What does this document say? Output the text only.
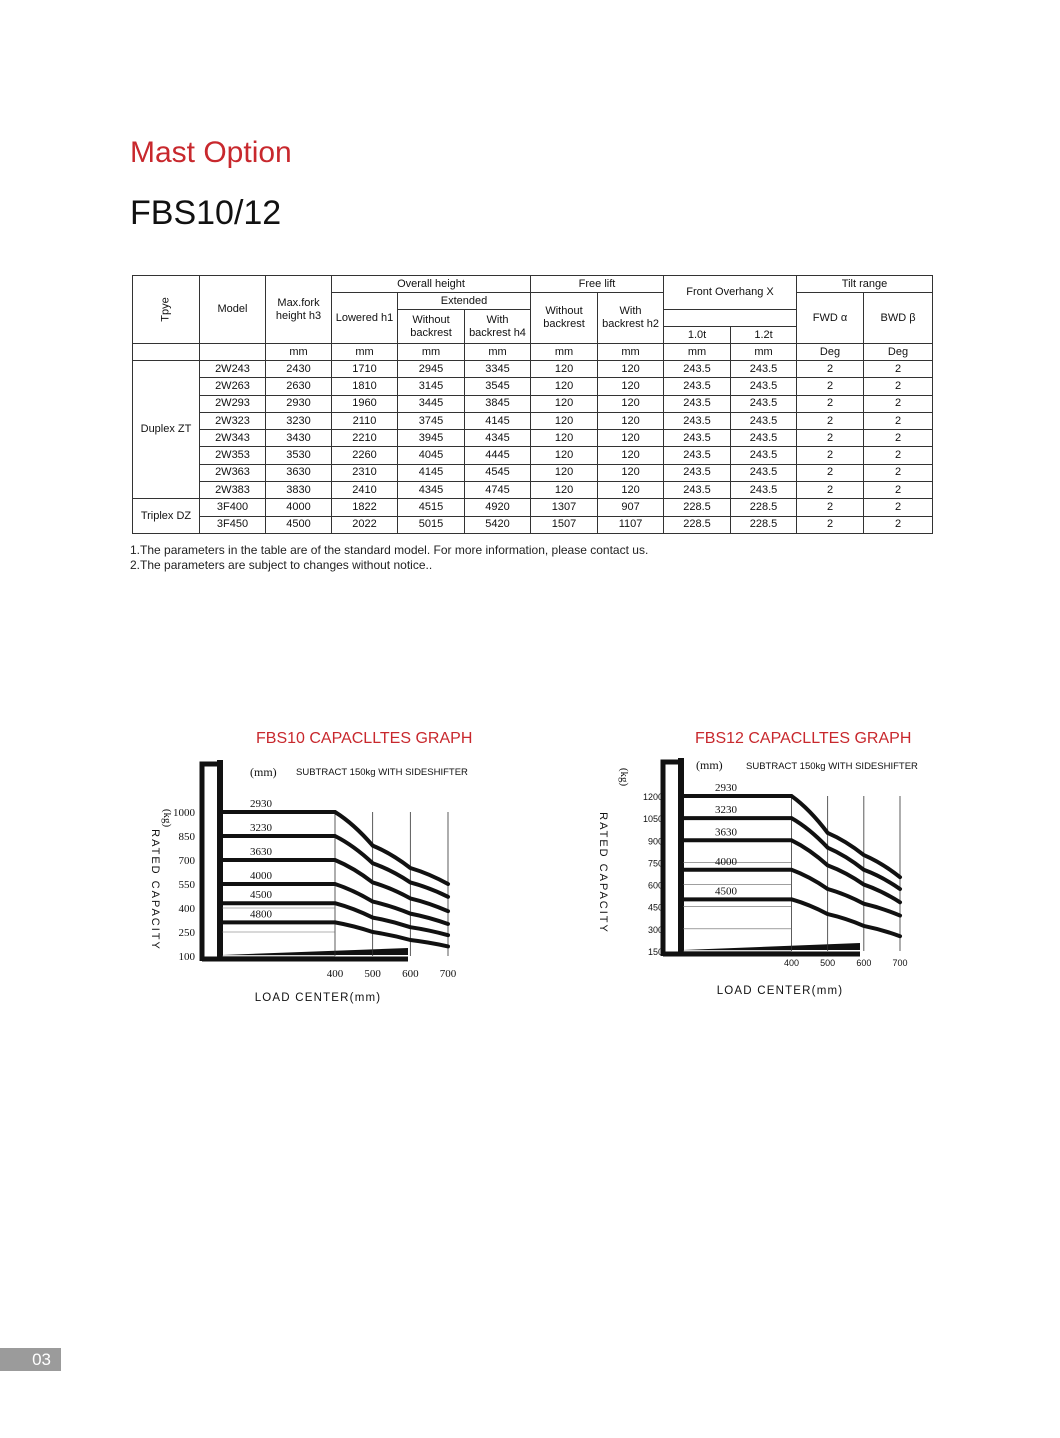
Mast Option
FBS10/12
Tpye	Model	Max.fork height h3	Overall height			Free lift		Front Overhang X		Tilt range	
			Lowered h1	Extended		Without backrest	With backrest h2			FWD α	BWD β
				Without backrest	With backrest h4						
								1.0t	1.2t		
		mm	mm	mm	mm	mm	mm	mm	mm	Deg	Deg
Duplex ZT	2W243	2430	1710	2945	3345	120	120	243.5	243.5	2	2
	2W263	2630	1810	3145	3545	120	120	243.5	243.5	2	2
	2W293	2930	1960	3445	3845	120	120	243.5	243.5	2	2
	2W323	3230	2110	3745	4145	120	120	243.5	243.5	2	2
	2W343	3430	2210	3945	4345	120	120	243.5	243.5	2	2
	2W353	3530	2260	4045	4445	120	120	243.5	243.5	2	2
	2W363	3630	2310	4145	4545	120	120	243.5	243.5	2	2
	2W383	3830	2410	4345	4745	120	120	243.5	243.5	2	2
Triplex DZ	3F400	4000	1822	4515	4920	1307	907	228.5	228.5	2	2
	3F450	4500	2022	5015	5420	1507	1107	228.5	228.5	2	2
1.The parameters in the table are of the standard model. For more information, please contact us.
2.The parameters are subject to changes without notice..
FBS10 CAPACLLTES GRAPH	FBS12 CAPACLLTES GRAPH
2930
3230
3630
4000
4500
4800
1000
850
700
550
400
250
100
400 500 600 700
(mm) SUBTRACT 150kg WITH SIDESHIFTER
RATED CAPACITY
(kg)
LOAD CENTER(mm)
2930
3230
3630
4000
4500
1200
1050
900
750
600
450
300
150
400 500 600 700
(mm) SUBTRACT 150kg WITH SIDESHIFTER
RATED CAPACITY
(kg)
LOAD CENTER(mm)
03
